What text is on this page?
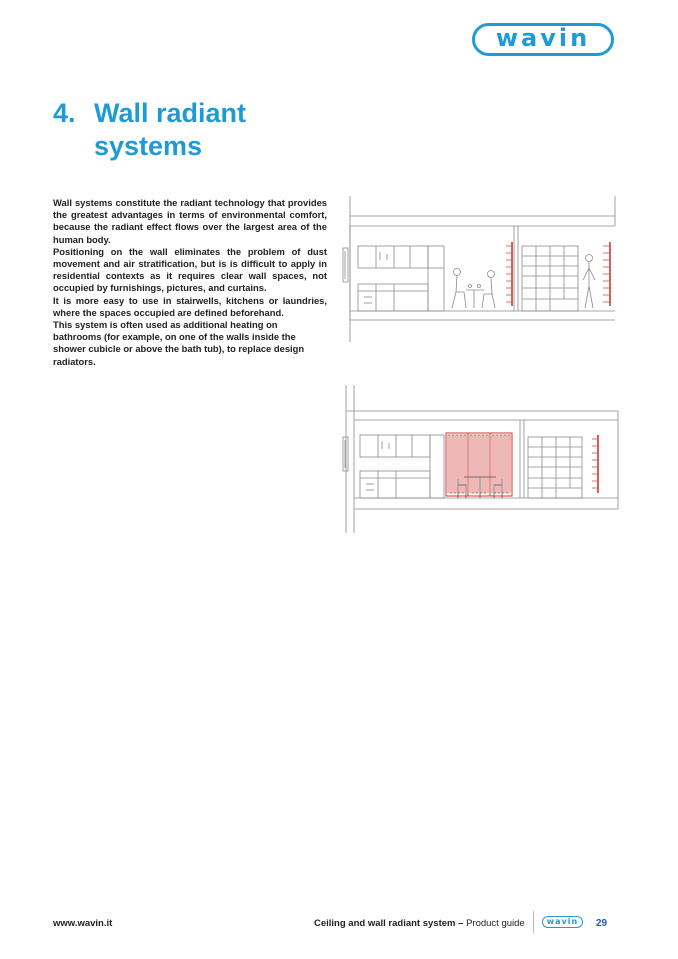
wavin
4. Wall radiant
systems

Wall systems constitute the radiant technology that provides the greatest advantages in terms of environmental comfort, because the radiant effect flows over the largest area of the human body.

Positioning on the wall eliminates the problem of dust movement and air stratification, but is is difficult to apply in residential contexts as it requires clear wall spaces, not occupied by furnishings, pictures, and curtains.

It is more easy to use in stairwells, kitchens or laundries, where the spaces occupied are defined beforehand.

This system is often used as additional heating on bathrooms (for example, on one of the walls inside the shower cubicle or above the bath tub), to replace design radiators.

www.wavin.it	Ceiling and wall radiant system – Product guide	wavin 29
